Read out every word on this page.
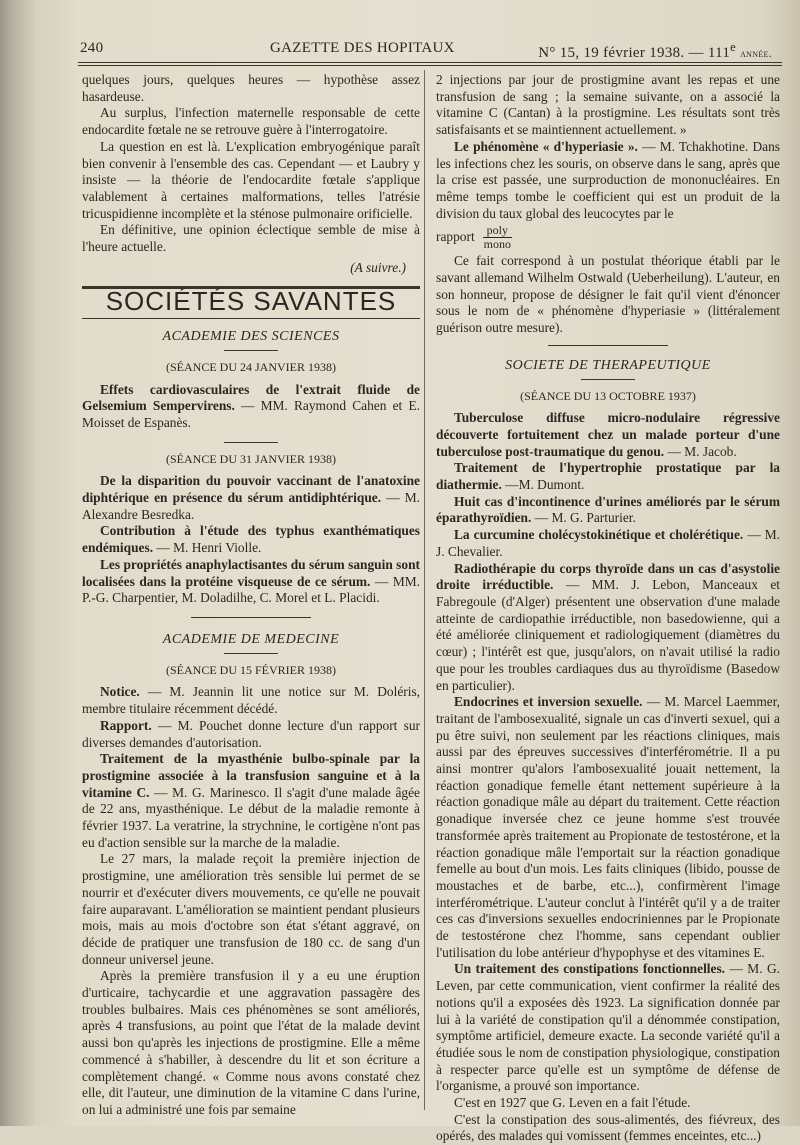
240	GAZETTE DES HOPITAUX	N° 15, 19 février 1938. — 111e année.

quelques jours, quelques heures — hypothèse assez hasardeuse.

Au surplus, l'infection maternelle responsable de cette endocardite fœtale ne se retrouve guère à l'interrogatoire.

La question en est là. L'explication embryogénique paraît bien convenir à l'ensemble des cas. Cependant — et Laubry y insiste — la théorie de l'endocardite fœtale s'applique valablement à certaines malformations, telles l'atrésie tricuspidienne incomplète et la sténose pulmonaire orificielle.

En définitive, une opinion éclectique semble de mise à l'heure actuelle.

(A suivre.)
SOCIÉTÉS SAVANTES
ACADEMIE DES SCIENCES
(SÉANCE DU 24 JANVIER 1938)

Effets cardiovasculaires de l'extrait fluide de Gelsemium Sempervirens. — MM. Raymond Cahen et E. Moisset de Espanès.

(SÉANCE DU 31 JANVIER 1938)

De la disparition du pouvoir vaccinant de l'anatoxine diphtérique en présence du sérum antidiphtérique. — M. Alexandre Besredka.

Contribution à l'étude des typhus exanthématiques endémiques. — M. Henri Violle.

Les propriétés anaphylactisantes du sérum sanguin sont localisées dans la protéine visqueuse de ce sérum. — MM. P.-G. Charpentier, M. Doladilhe, C. Morel et L. Placidi.

ACADEMIE DE MEDECINE
(SÉANCE DU 15 FÉVRIER 1938)

Notice. — M. Jeannin lit une notice sur M. Doléris, membre titulaire récemment décédé.

Rapport. — M. Pouchet donne lecture d'un rapport sur diverses demandes d'autorisation.

Traitement de la myasthénie bulbo-spinale par la prostigmine associée à la transfusion sanguine et à la vitamine C. — M. G. Marinesco. Il s'agit d'une malade âgée de 22 ans, myasthénique. Le début de la maladie remonte à février 1937. La veratrine, la strychnine, le cortigène n'ont pas eu d'action sensible sur la marche de la maladie.

Le 27 mars, la malade reçoit la première injection de prostigmine, une amélioration très sensible lui permet de se nourrir et d'exécuter divers mouvements, ce qu'elle ne pouvait faire auparavant. L'amélioration se maintient pendant plusieurs mois, mais au mois d'octobre son état s'étant aggravé, on décide de pratiquer une transfusion de 180 cc. de sang d'un donneur universel jeune.

Après la première transfusion il y a eu une éruption d'urticaire, tachycardie et une aggravation passagère des troubles bulbaires. Mais ces phénomènes se sont améliorés, après 4 transfusions, au point que l'état de la malade devint aussi bon qu'après les injections de prostigmine. Elle a même commencé à s'habiller, à descendre du lit et son écriture a complètement changé. « Comme nous avons constaté chez elle, dit l'auteur, une diminution de la vitamine C dans l'urine, on lui a administré une fois par semaine

2 injections par jour de prostigmine avant les repas et une transfusion de sang ; la semaine suivante, on a associé la vitamine C (Cantan) à la prostigmine. Les résultats sont très satisfaisants et se maintiennent actuellement. »

Le phénomène « d'hyperiasie ». — M. Tchakhotine. Dans les infections chez les souris, on observe dans le sang, après que la crise est passée, une surproduction de mononucléaires. En même temps tombe le coefficient qui est un produit de la division du taux global des leucocytes par le

rapport $\frac{\text{poly}}{\text{mono}}$

Ce fait correspond à un postulat théorique établi par le savant allemand Wilhelm Ostwald (Ueberheilung). L'auteur, en son honneur, propose de désigner le fait qu'il vient d'énoncer sous le nom de « phénomène d'hyperiasie » (littéralement guérison outre mesure).

SOCIETE DE THERAPEUTIQUE
(SÉANCE DU 13 OCTOBRE 1937)

Tuberculose diffuse micro-nodulaire régressive découverte fortuitement chez un malade porteur d'une tuberculose post-traumatique du genou. — M. Jacob.

Traitement de l'hypertrophie prostatique par la diathermie. —M. Dumont.

Huit cas d'incontinence d'urines améliorés par le sérum éparathyroïdien. — M. G. Parturier.

La curcumine cholécystokinétique et cholérétique. — M. J. Chevalier.

Radiothérapie du corps thyroïde dans un cas d'asystolie droite irréductible. — MM. J. Lebon, Manceaux et Fabregoule (d'Alger) présentent une observation d'une malade atteinte de cardiopathie irréductible, non basedowienne, qui a été améliorée cliniquement et radiologiquement (diamètres du cœur) ; l'intérêt est que, jusqu'alors, on n'avait utilisé la radio que pour les troubles cardiaques dus au thyroïdisme (Basedow en particulier).

Endocrines et inversion sexuelle. — M. Marcel Laemmer, traitant de l'ambosexualité, signale un cas d'inverti sexuel, qui a pu être suivi, non seulement par les réactions cliniques, mais aussi par des épreuves successives d'interférométrie. Il a pu ainsi montrer qu'alors l'ambosexualité jouait nettement, la réaction gonadique femelle étant nettement supérieure à la réaction gonadique mâle au départ du traitement. Cette réaction gonadique inversée chez ce jeune homme s'est trouvée transformée après traitement au Propionate de testostérone, et la réaction gonadique mâle l'emportait sur la réaction gonadique femelle au bout d'un mois. Les faits cliniques (libido, pousse de moustaches et de barbe, etc...), confirmèrent l'image interférométrique. L'auteur conclut à l'intérêt qu'il y a de traiter ces cas d'inversions sexuelles endocriniennes par le Propionate de testostérone chez l'homme, sans cependant oublier l'utilisation du lobe antérieur d'hypophyse et des vitamines E.

Un traitement des constipations fonctionnelles. — M. G. Leven, par cette communication, vient confirmer la réalité des notions qu'il a exposées dès 1923. La signification donnée par lui à la variété de constipation qu'il a dénommée constipation, symptôme artificiel, demeure exacte. La seconde variété qu'il a étudiée sous le nom de constipation physiologique, constipation à respecter parce qu'elle est un symptôme de défense de l'organisme, a prouvé son importance.

C'est en 1927 que G. Leven en a fait l'étude.

C'est la constipation des sous-alimentés, des fiévreux, des opérés, des malades qui vomissent (femmes enceintes, etc...)
